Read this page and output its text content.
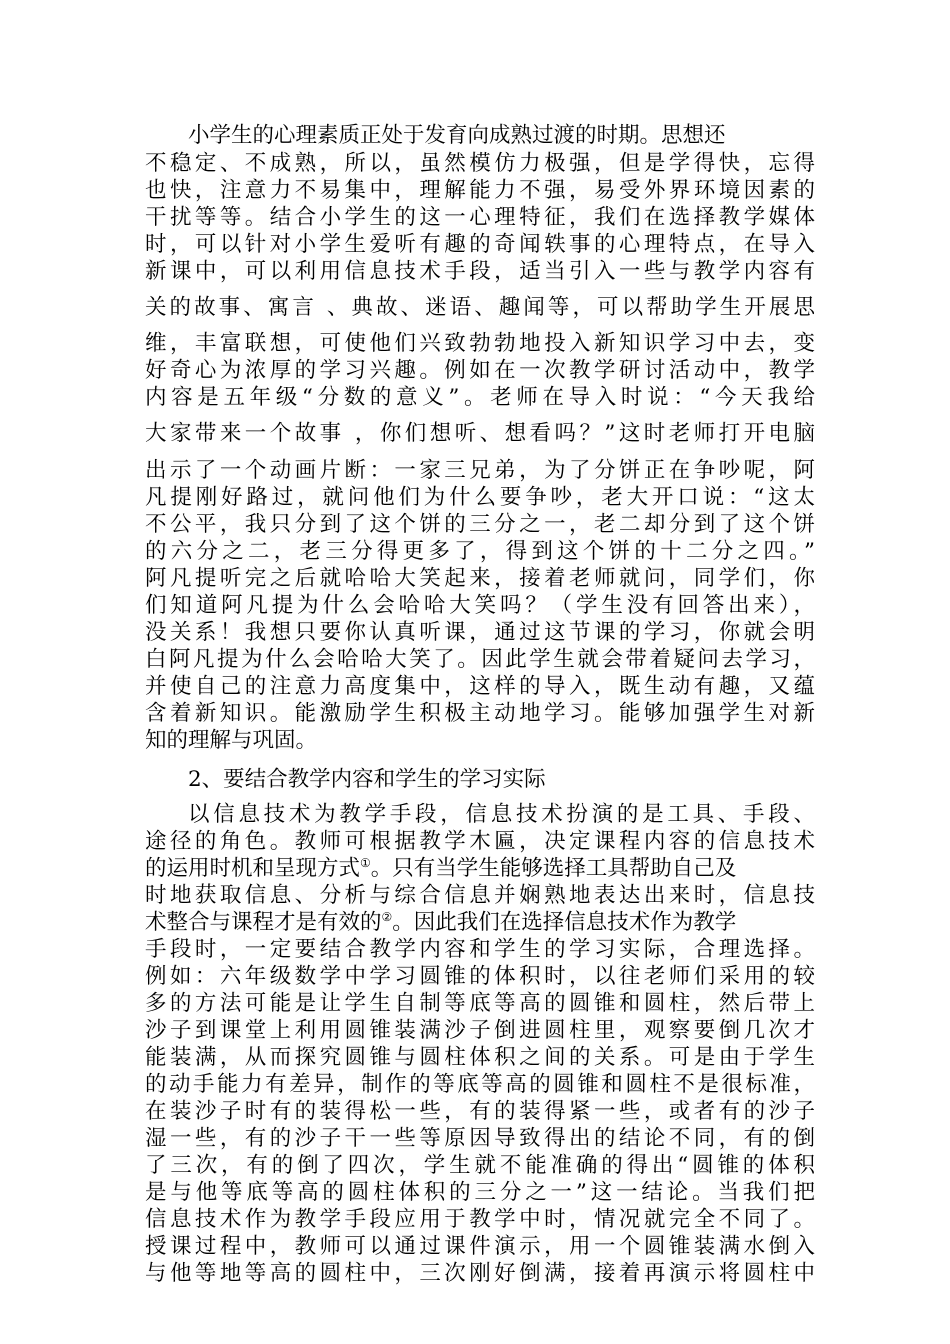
小学生的心理素质正处于发育向成熟过渡的时期。思想还
不稳定、不成熟，所以，虽然模仿力极强，但是学得快，忘得
也快，注意力不易集中，理解能力不强，易受外界环境因素的
干扰等等。结合小学生的这一心理特征，我们在选择教学媒体
时，可以针对小学生爱听有趣的奇闻轶事的心理特点，在导入
新课中，可以利用信息技术手段，适当引入一些与教学内容有
关的故事、寓言 、典故、迷语、趣闻等，可以帮助学生开展思
维，丰富联想，可使他们兴致勃勃地投入新知识学习中去，变
好奇心为浓厚的学习兴趣。例如在一次教学研讨活动中，教学
内容是五年级“分数的意义”。老师在导入时说：“今天我给
大家带来一个故事 ，你们想听、想看吗？”这时老师打开电脑
出示了一个动画片断：一家三兄弟，为了分饼正在争吵呢，阿
凡提刚好路过，就问他们为什么要争吵，老大开口说：“这太
不公平，我只分到了这个饼的三分之一，老二却分到了这个饼
的六分之二，老三分得更多了，得到这个饼的十二分之四。”
阿凡提听完之后就哈哈大笑起来，接着老师就问，同学们，你
们知道阿凡提为什么会哈哈大笑吗？（学生没有回答出来），
没关系！我想只要你认真听课，通过这节课的学习，你就会明
白阿凡提为什么会哈哈大笑了。因此学生就会带着疑问去学习，
并使自己的注意力高度集中，这样的导入，既生动有趣，又蕴
含着新知识。能激励学生积极主动地学习。能够加强学生对新
知的理解与巩固。
2、要结合教学内容和学生的学习实际
以信息技术为教学手段，信息技术扮演的是工具、手段、
途径的角色。教师可根据教学木匾，决定课程内容的信息技术
的运用时机和呈现方式①。只有当学生能够选择工具帮助自己及
时地获取信息、分析与综合信息并娴熟地表达出来时，信息技
术整合与课程才是有效的②。因此我们在选择信息技术作为教学
手段时，一定要结合教学内容和学生的学习实际，合理选择。
例如：六年级数学中学习圆锥的体积时，以往老师们采用的较
多的方法可能是让学生自制等底等高的圆锥和圆柱，然后带上
沙子到课堂上利用圆锥装满沙子倒进圆柱里，观察要倒几次才
能装满，从而探究圆锥与圆柱体积之间的关系。可是由于学生
的动手能力有差异，制作的等底等高的圆锥和圆柱不是很标准，
在装沙子时有的装得松一些，有的装得紧一些，或者有的沙子
湿一些，有的沙子干一些等原因导致得出的结论不同，有的倒
了三次，有的倒了四次，学生就不能准确的得出“圆锥的体积
是与他等底等高的圆柱体积的三分之一”这一结论。当我们把
信息技术作为教学手段应用于教学中时，情况就完全不同了。
授课过程中，教师可以通过课件演示，用一个圆锥装满水倒入
与他等地等高的圆柱中，三次刚好倒满，接着再演示将圆柱中
